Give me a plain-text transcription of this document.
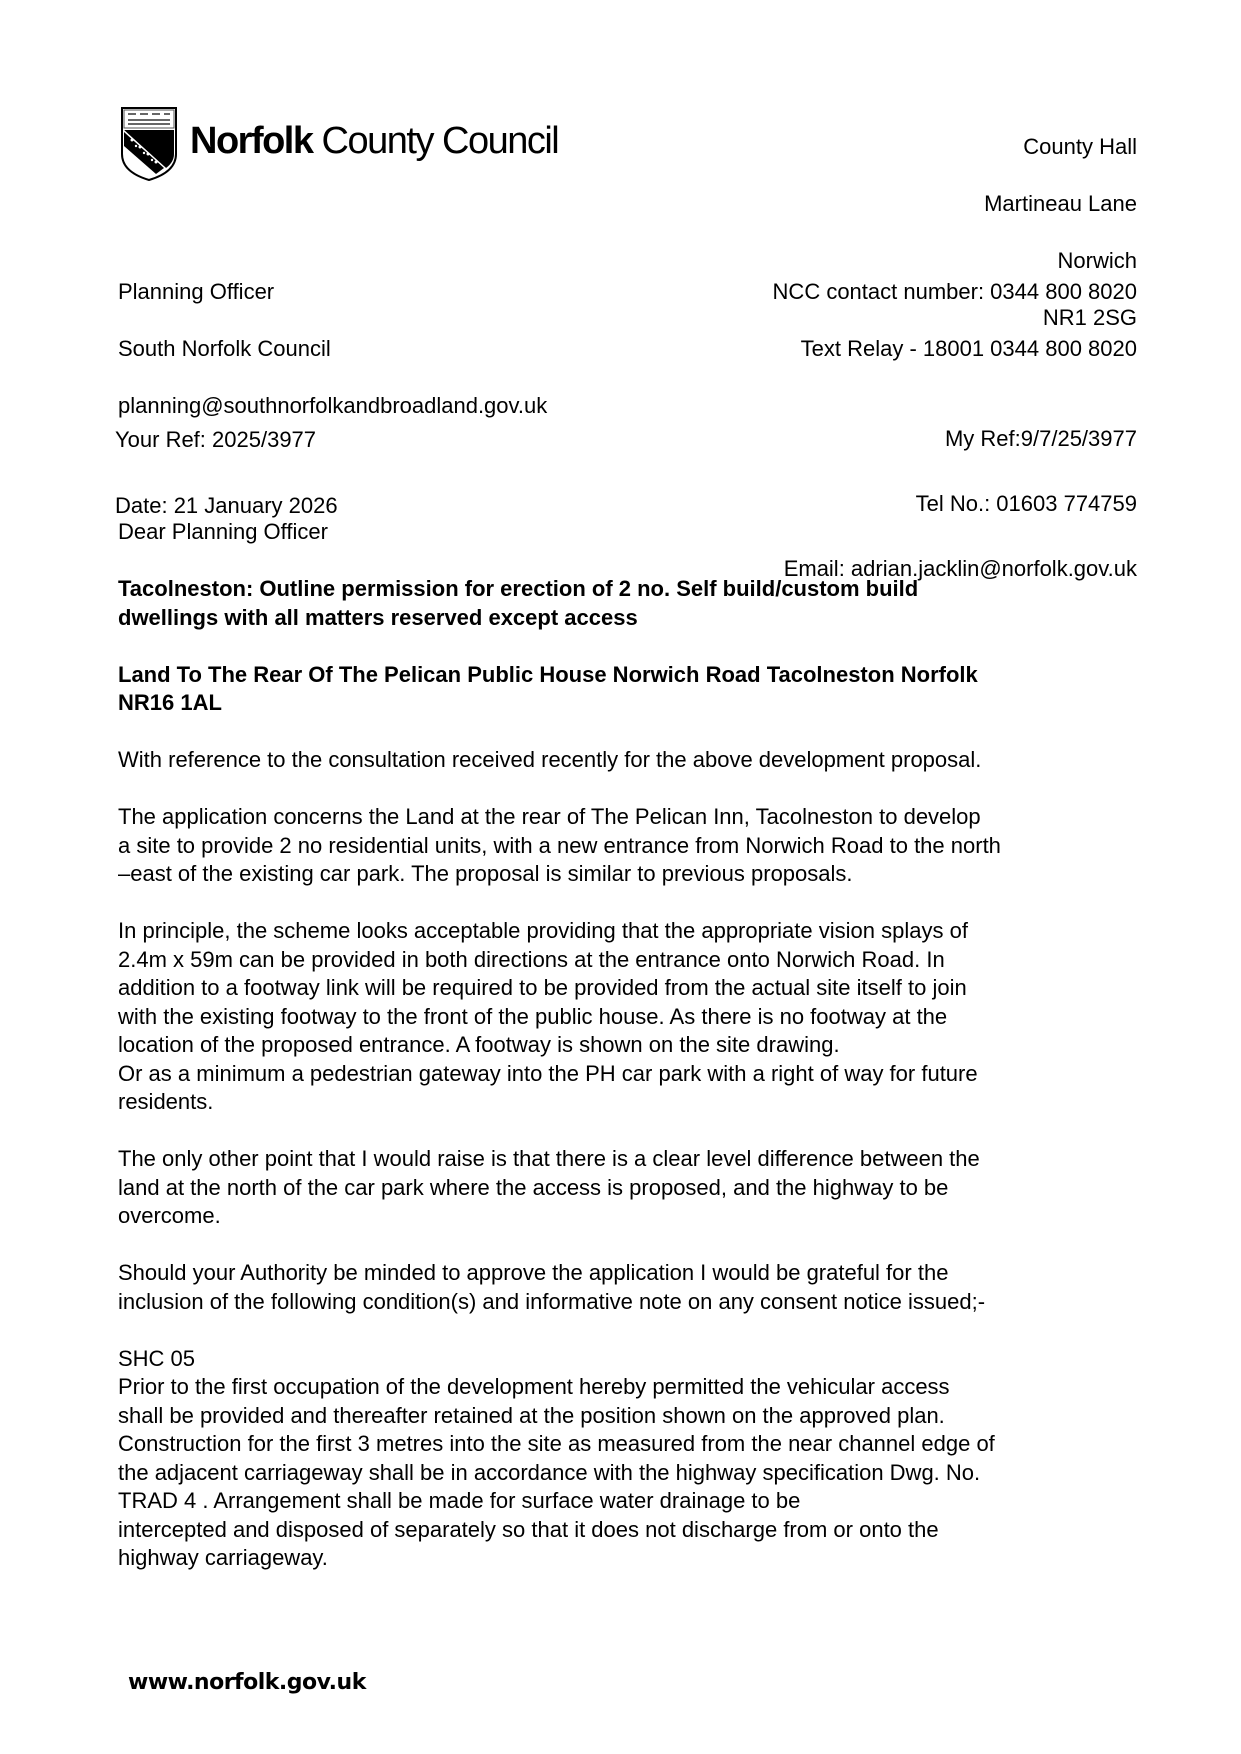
Norfolk County Council	County Hall

Martineau Lane

Norwich

NR1 2SG

Planning Officer

South Norfolk Council

planning@southnorfolkandbroadland.gov.uk

NCC contact number: 0344 800 8020

Text Relay - 18001 0344 800 8020

Your Ref: 2025/3977

Date: 21 January 2026

My Ref:9/7/25/3977

Tel No.: 01603 774759

Email: adrian.jacklin@norfolk.gov.uk

Dear Planning Officer

Tacolneston: Outline permission for erection of 2 no. Self build/custom build
dwellings with all matters reserved except access

Land To The Rear Of The Pelican Public House Norwich Road Tacolneston Norfolk
NR16 1AL

With reference to the consultation received recently for the above development proposal.

The application concerns the Land at the rear of The Pelican Inn, Tacolneston to develop
a site to provide 2 no residential units, with a new entrance from Norwich Road to the north
–east of the existing car park. The proposal is similar to previous proposals.

In principle, the scheme looks acceptable providing that the appropriate vision splays of
2.4m x 59m can be provided in both directions at the entrance onto Norwich Road. In
addition to a footway link will be required to be provided from the actual site itself to join
with the existing footway to the front of the public house. As there is no footway at the
location of the proposed entrance. A footway is shown on the site drawing.
Or as a minimum a pedestrian gateway into the PH car park with a right of way for future
residents.

The only other point that I would raise is that there is a clear level difference between the
land at the north of the car park where the access is proposed, and the highway to be
overcome.

Should your Authority be minded to approve the application I would be grateful for the
inclusion of the following condition(s) and informative note on any consent notice issued;-

SHC 05

Prior to the first occupation of the development hereby permitted the vehicular access
shall be provided and thereafter retained at the position shown on the approved plan.
Construction for the first 3 metres into the site as measured from the near channel edge of
the adjacent carriageway shall be in accordance with the highway specification Dwg. No.
TRAD 4 . Arrangement shall be made for surface water drainage to be
intercepted and disposed of separately so that it does not discharge from or onto the
highway carriageway.

www.norfolk.gov.uk
